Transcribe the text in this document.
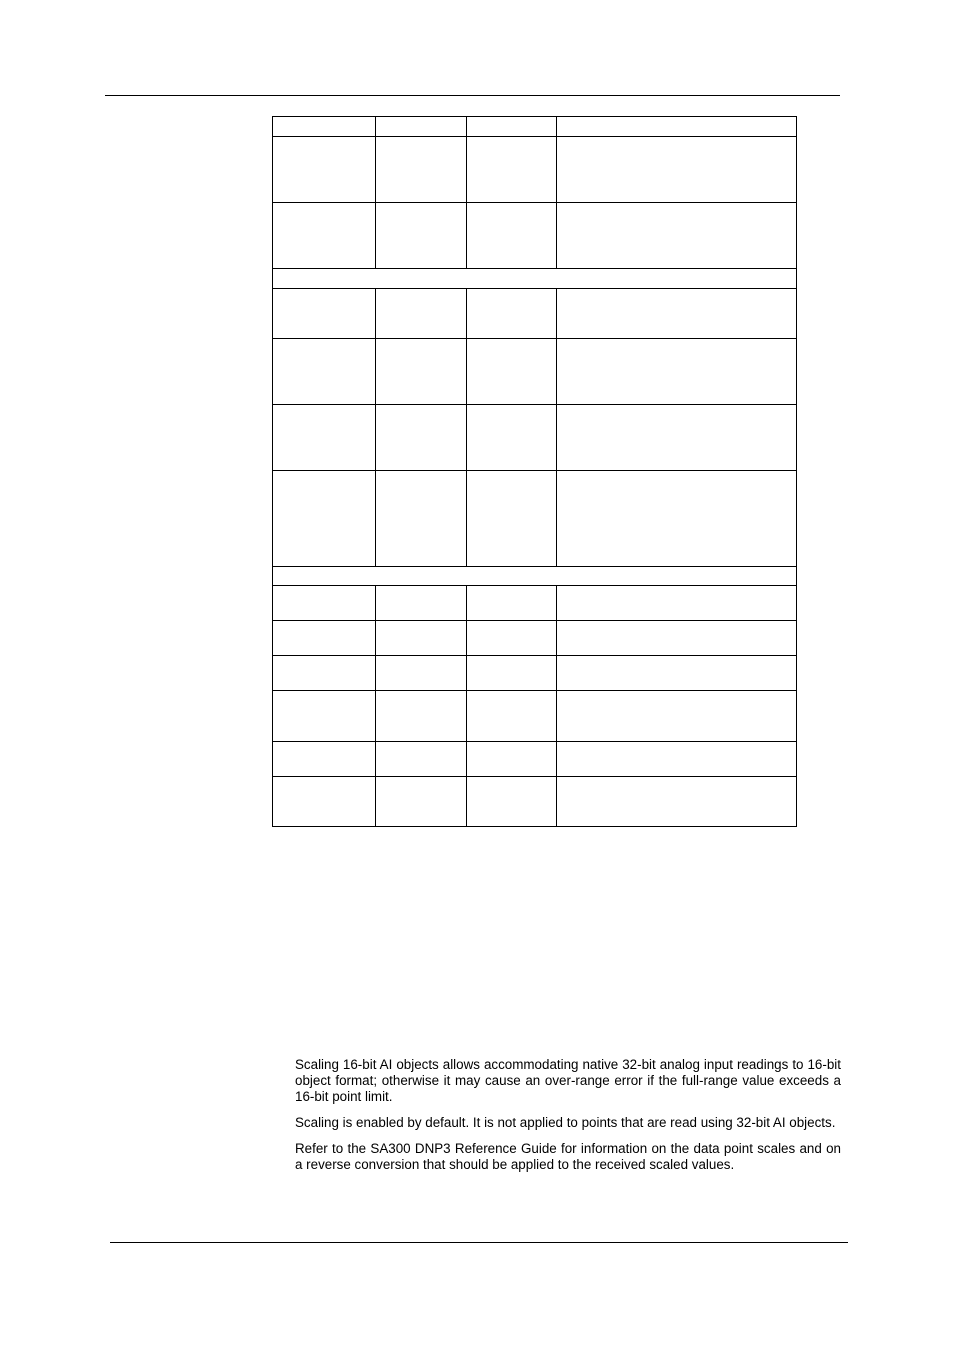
Scaling 16-bit AI objects allows accommodating native 32-bit analog input readings to 16-bit object format; otherwise it may cause an over-range error if the full-range value exceeds a 16-bit point limit.

Scaling is enabled by default. It is not applied to points that are read using 32-bit AI objects.

Refer to the SA300 DNP3 Reference Guide for information on the data point scales and on a reverse conversion that should be applied to the received scaled values.
